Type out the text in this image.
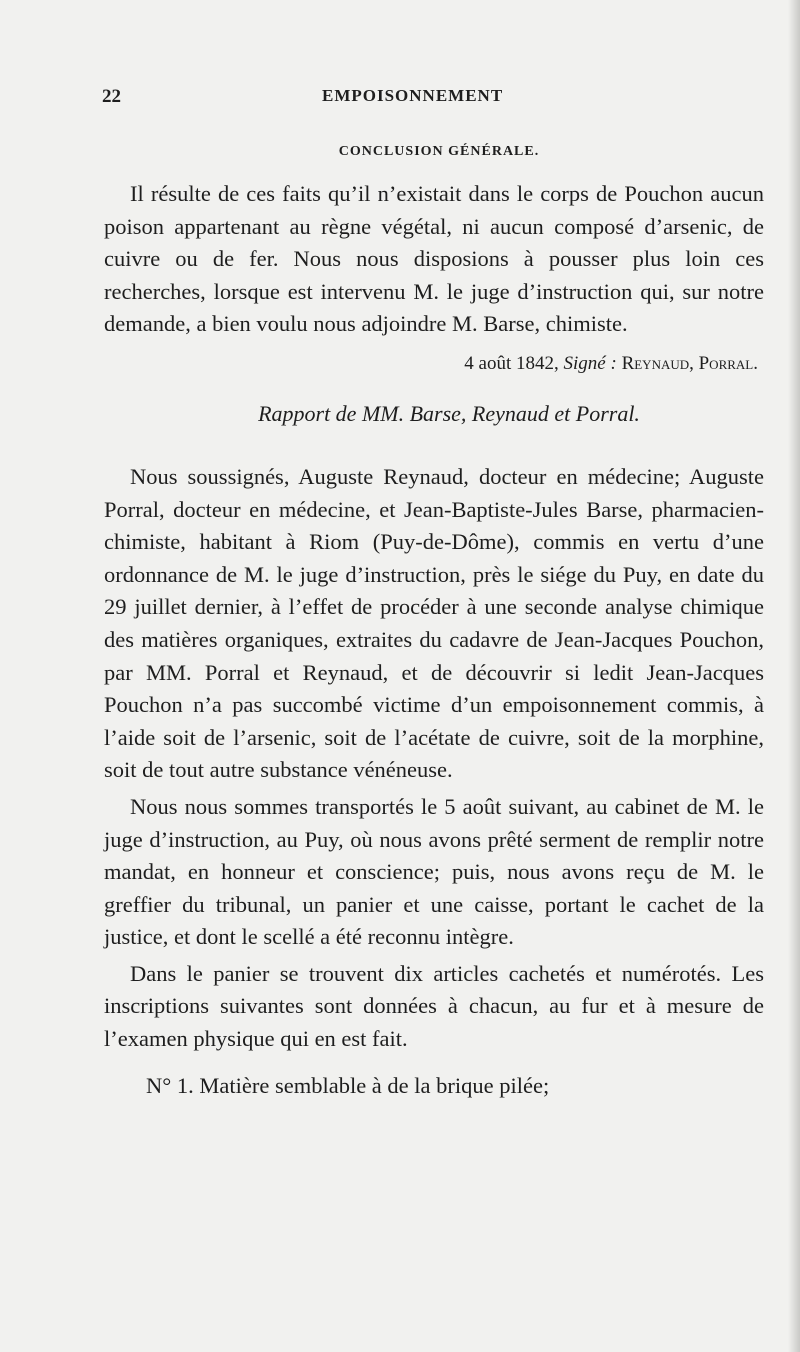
22	EMPOISONNEMENT
CONCLUSION GÉNÉRALE.

Il résulte de ces faits qu’il n’existait dans le corps de Pouchon aucun poison appartenant au règne végétal, ni aucun composé d’arsenic, de cuivre ou de fer. Nous nous disposions à pousser plus loin ces recherches, lorsque est intervenu M. le juge d’instruction qui, sur notre demande, a bien voulu nous adjoindre M. Barse, chimiste.

4 août 1842, Signé : Reynaud, Porral.
Rapport de MM. Barse, Reynaud et Porral.

Nous soussignés, Auguste Reynaud, docteur en médecine; Auguste Porral, docteur en médecine, et Jean-Baptiste-Jules Barse, pharmacien-chimiste, habitant à Riom (Puy-de-Dôme), commis en vertu d’une ordonnance de M. le juge d’instruction, près le siége du Puy, en date du 29 juillet dernier, à l’effet de procéder à une seconde analyse chimique des matières organiques, extraites du cadavre de Jean-Jacques Pouchon, par MM. Porral et Reynaud, et de découvrir si ledit Jean-Jacques Pouchon n’a pas succombé victime d’un empoisonnement commis, à l’aide soit de l’arsenic, soit de l’acétate de cuivre, soit de la morphine, soit de tout autre substance vénéneuse.

Nous nous sommes transportés le 5 août suivant, au cabinet de M. le juge d’instruction, au Puy, où nous avons prêté serment de remplir notre mandat, en honneur et conscience; puis, nous avons reçu de M. le greffier du tribunal, un panier et une caisse, portant le cachet de la justice, et dont le scellé a été reconnu intègre.

Dans le panier se trouvent dix articles cachetés et numérotés. Les inscriptions suivantes sont données à chacun, au fur et à mesure de l’examen physique qui en est fait.

N° 1. Matière semblable à de la brique pilée;
